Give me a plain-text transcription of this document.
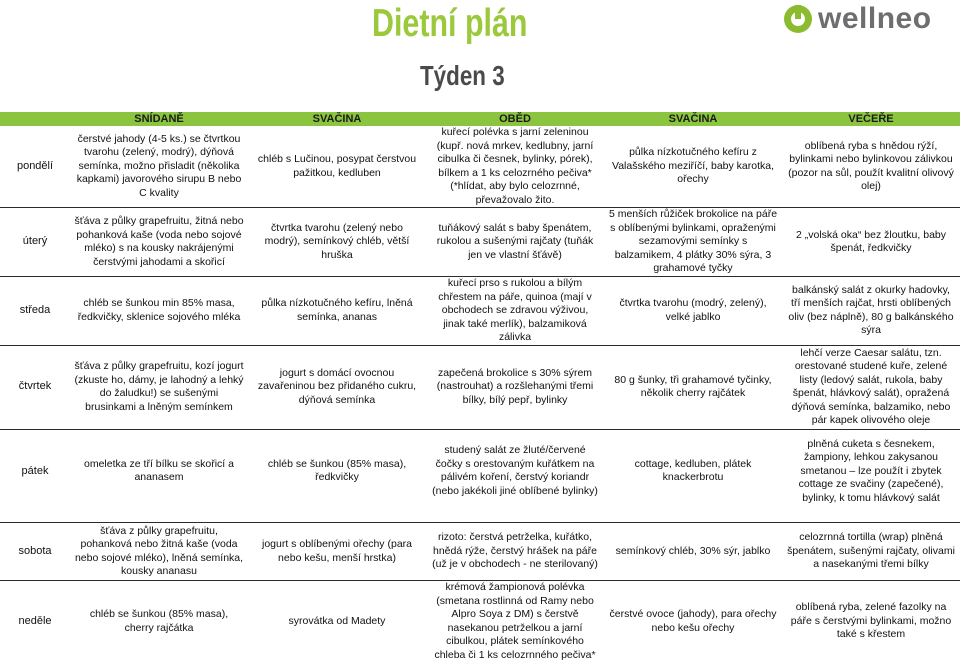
Dietní plán
Týden 3
wellneo
	SNÍDANĚ	SVAČINA	OBĚD	SVAČINA	VEČEŘE
pondělí	čerstvé jahody (4-5 ks.) se čtvrtkou tvarohu (zelený, modrý), dýňová semínka, možno přisladit (několika kapkami) javorového sirupu B nebo C kvality	chléb s Lučinou, posypat čerstvou pažitkou, kedluben	kuřecí polévka s jarní zeleninou (kupř. nová mrkev, kedlubny, jarní cibulka či česnek, bylinky, pórek), bílkem a 1 ks celozrného pečiva* (*hlídat, aby bylo celozrnné, převažovalo žito.	půlka nízkotučného kefíru z Valašského meziříčí, baby karotka, ořechy	oblíbená ryba s hnědou rýží, bylinkami nebo bylinkovou zálivkou (pozor na sůl, použít kvalitní olivový olej)
úterý	šťáva z půlky grapefruitu, žitná nebo pohanková kaše (voda nebo sojové mléko) s na kousky nakrájenými čerstvými jahodami a skořicí	čtvrtka tvarohu (zelený nebo modrý), semínkový chléb, větší hruška	tuňákový salát s baby špenátem, rukolou a sušenými rajčaty (tuňák jen ve vlastní šťávě)	5 menších růžiček brokolice na páře s oblíbenými bylinkami, opraženými sezamovými semínky s balzamikem, 4 plátky 30% sýra, 3 grahamové tyčky	2 „volská oka“ bez žloutku, baby špenát, ředkvičky
středa	chléb se šunkou min 85% masa, ředkvičky, sklenice sojového mléka	půlka nízkotučného kefíru, lněná semínka, ananas	kuřecí prso s rukolou a bílým chřestem na páře, quinoa (mají v obchodech se zdravou výživou, jinak také merlík), balzamiková zálivka	čtvrtka tvarohu (modrý, zelený), velké jablko	balkánský salát z okurky hadovky, tří menších rajčat, hrsti oblíbených oliv (bez náplně), 80 g balkánského sýra
čtvrtek	šťáva z půlky grapefruitu, kozí jogurt (zkuste ho, dámy, je lahodný a lehký do žaludku!) se sušenými brusinkami a lněným semínkem	jogurt s domácí ovocnou zavařeninou bez přidaného cukru, dýňová semínka	zapečená brokolice s 30% sýrem (nastrouhat) a rozšlehanými třemi bílky, bílý pepř, bylinky	80 g šunky, tři grahamové tyčinky, několik cherry rajčátek	lehčí verze Caesar salátu, tzn. orestované studené kuře, zelené listy (ledový salát, rukola, baby špenát, hlávkový salát), opražená dýňová semínka, balzamiko, nebo pár kapek olivového oleje
pátek	omeletka ze tří bílku se skořicí a ananasem	chléb se šunkou (85% masa), ředkvičky	studený salát ze žluté/červené čočky s orestovaným kuřátkem na pálivém koření, čerstvý koriandr (nebo jakékoli jiné oblíbené bylinky)	cottage, kedluben, plátek knackerbrotu	plněná cuketa s česnekem, žampiony, lehkou zakysanou smetanou – lze použít i zbytek cottage ze svačiny (zapečené), bylinky, k tomu hlávkový salát

sobota	šťáva z půlky grapefruitu, pohanková nebo žitná kaše (voda nebo sojové mléko), lněná semínka, kousky ananasu	jogurt s oblíbenými ořechy (para nebo kešu, menší hrstka)	rizoto: čerstvá petrželka, kuřátko, hnědá rýže, čerstvý hrášek na páře (už je v obchodech - ne sterilovaný)	semínkový chléb, 30% sýr, jablko	celozrnná tortilla (wrap) plněná špenátem, sušenými rajčaty, olivami a nasekanými třemi bílky
neděle	chléb se šunkou (85% masa), cherry rajčátka	syrovátka od Madety	krémová žampionová polévka (smetana rostlinná od Ramy nebo Alpro Soya z DM) s čerstvě nasekanou petrželkou a jarní cibulkou, plátek semínkového chleba či 1 ks celozrnného pečiva*	čerstvé ovoce (jahody), para ořechy nebo kešu ořechy	oblíbená ryba, zelené fazolky na páře s čerstvými bylinkami, možno také s křestem
